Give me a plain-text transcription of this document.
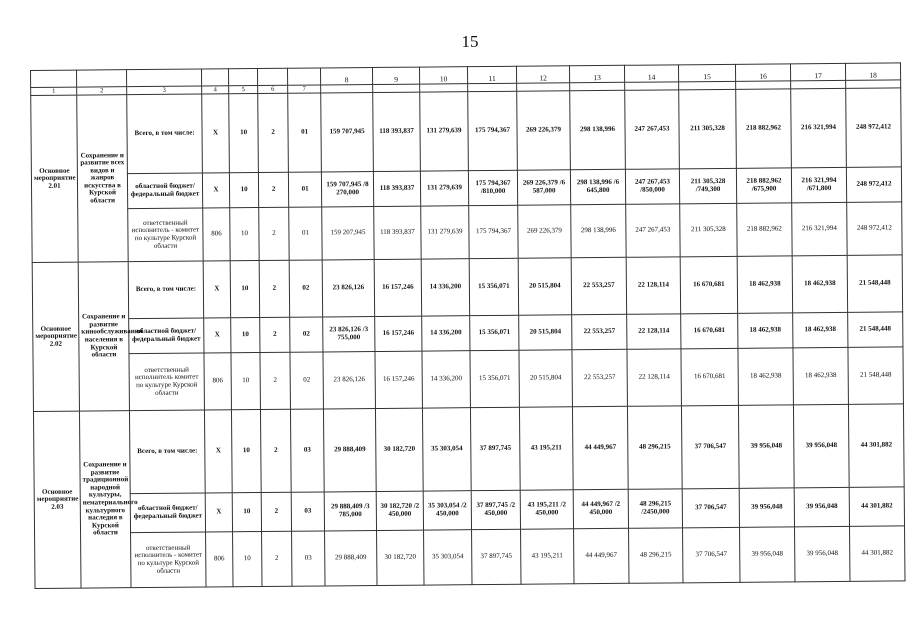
15
							8	9	10	11	12	13	14	15	16	17	18
1	2	3	4	5	6	7											
Основное мероприятие 2.01	Сохранение и развитие всех видов и жанров искусства в Курской области	Всего, в том числе:	Х	10	2	01	159 707,945	118 393,837	131 279,639	175 794,367	269 226,379	298 138,996	247 267,453	211 305,328	218 882,962	216 321,994	248 972,412
		областной бюджет/ федеральный бюджет	Х	10	2	01	159 707,945 /8 270,000	118 393,837	131 279,639	175 794,367 /810,000	269 226,379 /6 587,000	298 138,996 /6 645,800	247 267,453 /850,000	211 305,328 /749,300	218 882,962 /675,900	216 321,994 /671,800	248 972,412
		ответственный исполнитель - комитет по культуре Курской области	806	10	2	01	159 207,945	118 393,837	131 279,639	175 794,367	269 226,379	298 138,996	247 267,453	211 305,328	218 882,962	216 321,994	248 972,412
Основное мероприятие 2.02	Сохранение и развитие кинообслуживания населения в Курской области	Всего, в том числе:	Х	10	2	02	23 826,126	16 157,246	14 336,200	15 356,071	20 515,804	22 553,257	22 128,114	16 670,681	18 462,938	18 462,938	21 548,448
		областной бюджет/ федеральный бюджет	Х	10	2	02	23 826,126 /3 755,000	16 157,246	14 336,200	15 356,071	20 515,804	22 553,257	22 128,114	16 670,681	18 462,938	18 462,938	21 548,448
		ответственный исполнитель комитет по культуре Курской области	806	10	2	02	23 826,126	16 157,246	14 336,200	15 356,071	20 515,804	22 553,257	22 128,114	16 670,681	18 462,938	18 462,938	21 548,448
Основное мероприятие 2.03	Сохранение и развитие традиционной народной культуры, нематериального культурного наследия в Курской области	Всего, в том числе:	Х	10	2	03	29 888,409	30 182,720	35 303,054	37 897,745	43 195,211	44 449,967	48 296,215	37 706,547	39 956,048	39 956,048	44 301,882
		областной бюджет/ федеральный бюджет	Х	10	2	03	29 888,409 /3 785,000	30 182,720 /2 450,000	35 303,054 /2 450,000	37 897,745 /2 450,000	43 195,211 /2 450,000	44 449,967 /2 450,000	48 296,215 /2450,000	37 706,547	39 956,048	39 956,048	44 301,882
		ответственный исполнитель - комитет по культуре Курской области	806	10	2	03	29 888,409	30 182,720	35 303,054	37 897,745	43 195,211	44 449,967	48 296,215	37 706,547	39 956,048	39 956,048	44 301,882
